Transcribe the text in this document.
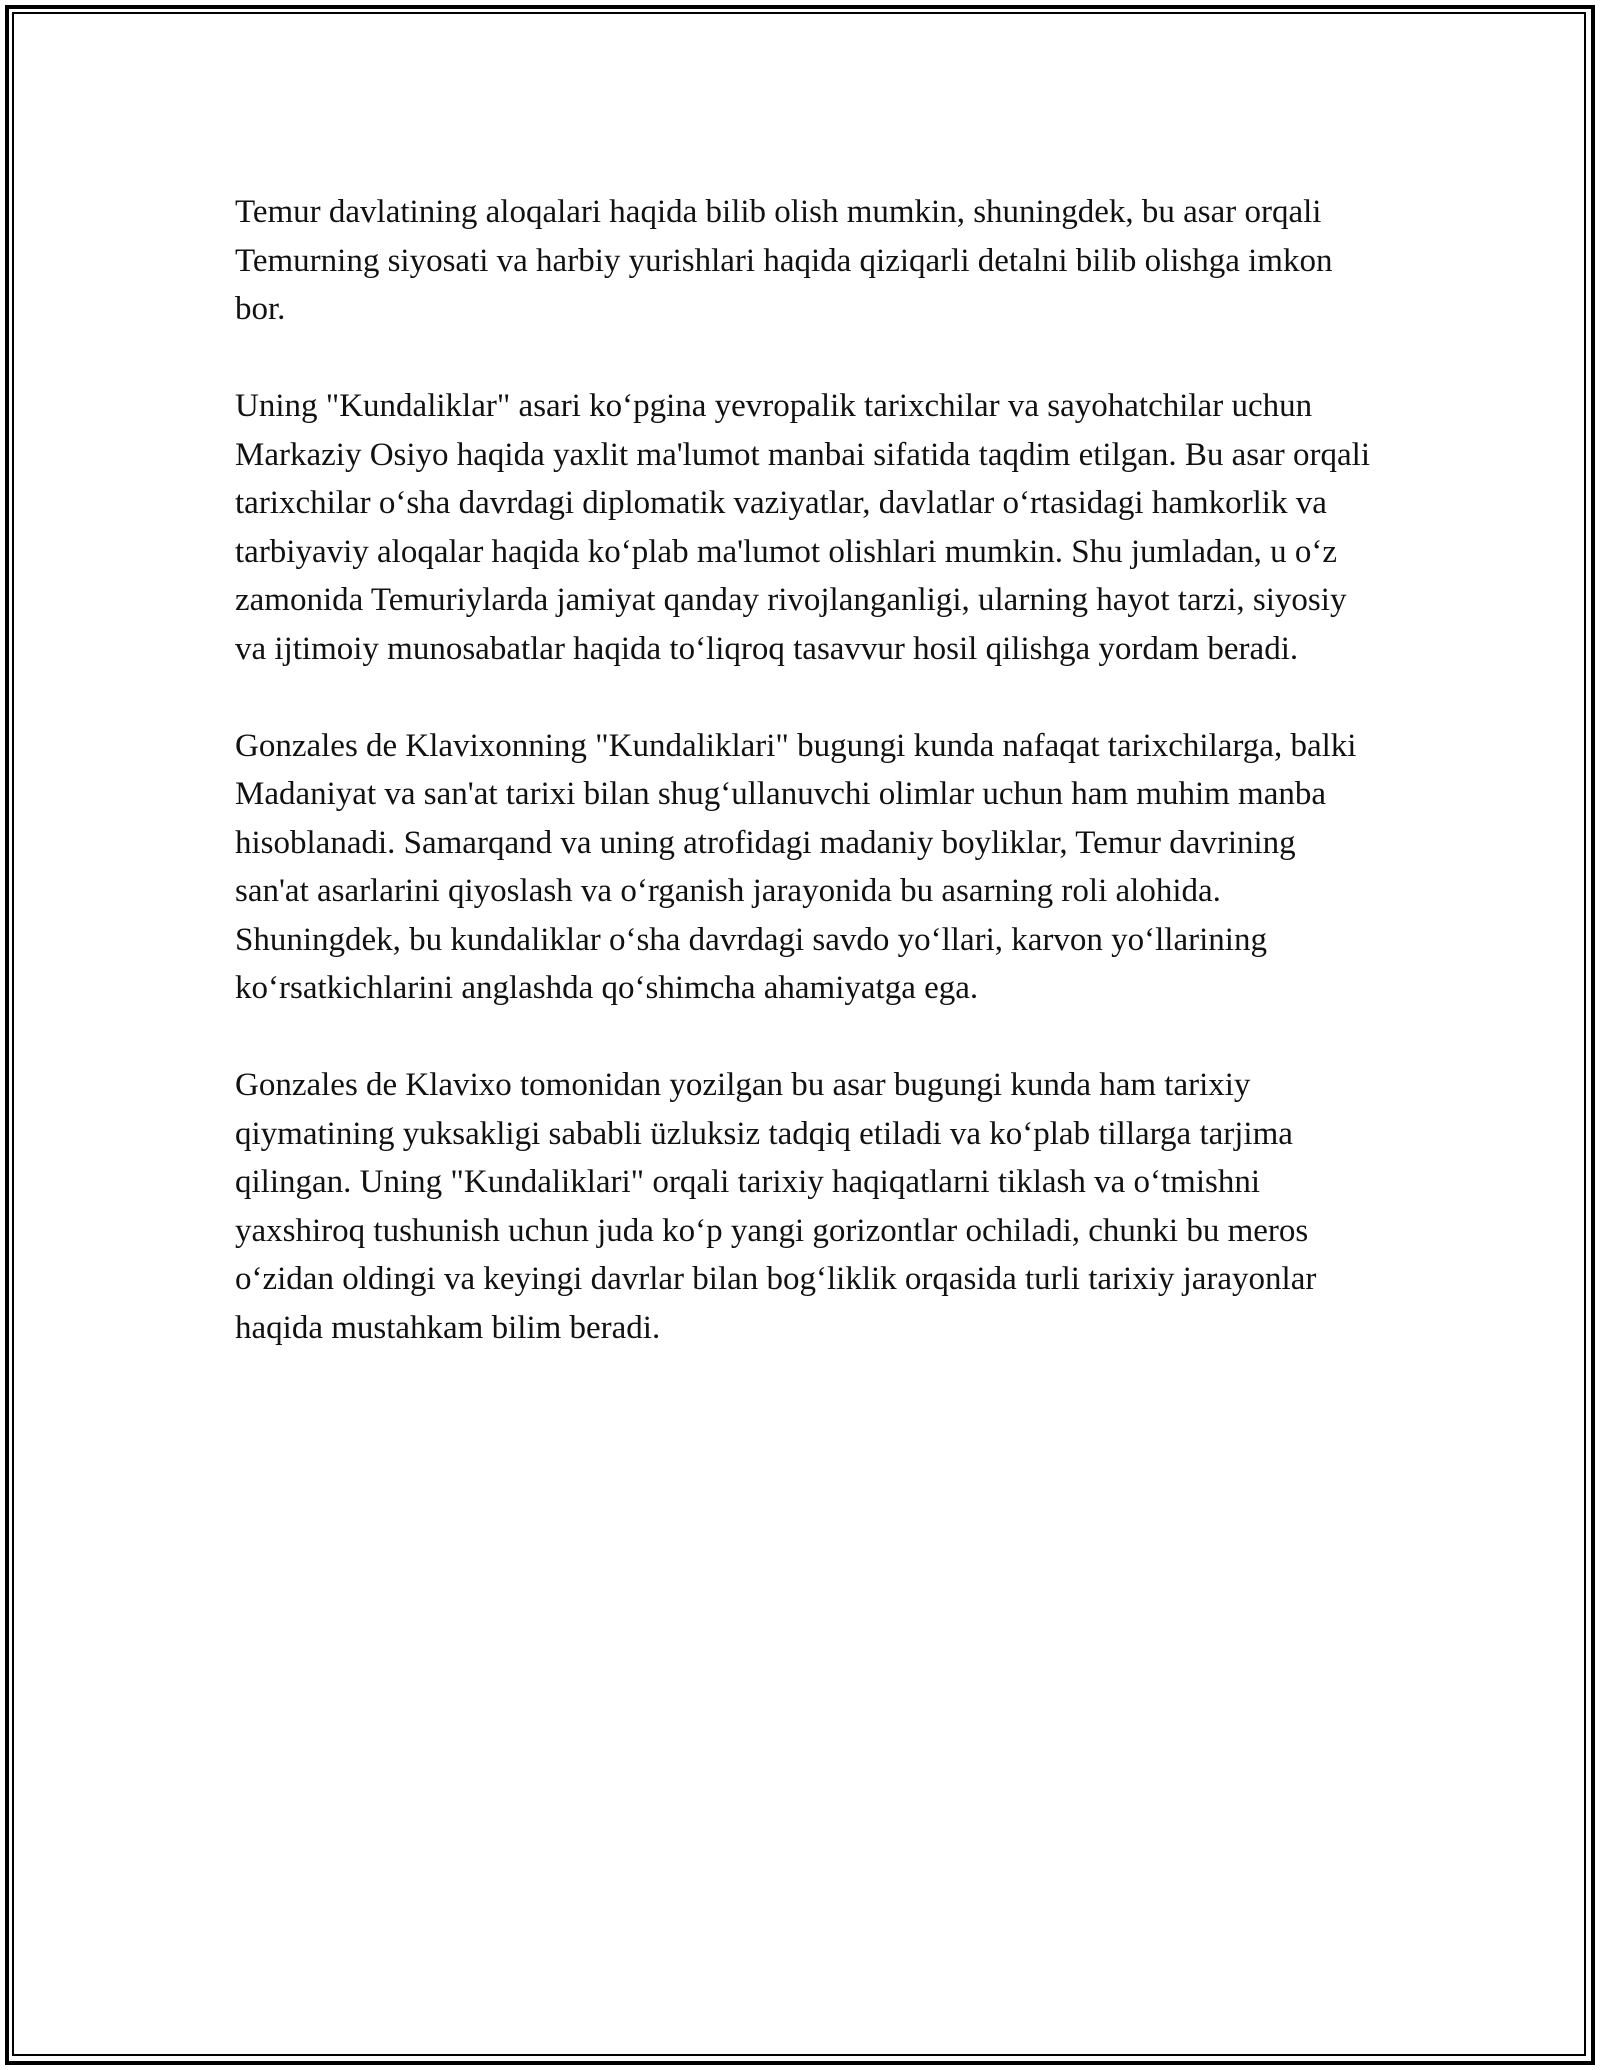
Temur davlatining aloqalari haqida bilib olish mumkin, shuningdek, bu asar orqali Temurning siyosati va harbiy yurishlari haqida qiziqarli detalni bilib olishga imkon bor.

Uning "Kundaliklar" asari ko‘pgina yevropalik tarixchilar va sayohatchilar uchun Markaziy Osiyo haqida yaxlit ma'lumot manbai sifatida taqdim etilgan. Bu asar orqali tarixchilar o‘sha davrdagi diplomatik vaziyatlar, davlatlar o‘rtasidagi hamkorlik va tarbiyaviy aloqalar haqida ko‘plab ma'lumot olishlari mumkin. Shu jumladan, u o‘z zamonida Temuriylarda jamiyat qanday rivojlanganligi, ularning hayot tarzi, siyosiy va ijtimoiy munosabatlar haqida to‘liqroq tasavvur hosil qilishga yordam beradi.

Gonzales de Klavixonning "Kundaliklari" bugungi kunda nafaqat tarixchilarga, balki Madaniyat va san'at tarixi bilan shug‘ullanuvchi olimlar uchun ham muhim manba hisoblanadi. Samarqand va uning atrofidagi madaniy boyliklar, Temur davrining san'at asarlarini qiyoslash va o‘rganish jarayonida bu asarning roli alohida. Shuningdek, bu kundaliklar o‘sha davrdagi savdo yo‘llari, karvon yo‘llarining ko‘rsatkichlarini anglashda qo‘shimcha ahamiyatga ega.

Gonzales de Klavixo tomonidan yozilgan bu asar bugungi kunda ham tarixiy qiymatining yuksakligi sababli üzluksiz tadqiq etiladi va ko‘plab tillarga tarjima qilingan. Uning "Kundaliklari" orqali tarixiy haqiqatlarni tiklash va o‘tmishni yaxshiroq tushunish uchun juda ko‘p yangi gorizontlar ochiladi, chunki bu meros o‘zidan oldingi va keyingi davrlar bilan bog‘liklik orqasida turli tarixiy jarayonlar haqida mustahkam bilim beradi.
